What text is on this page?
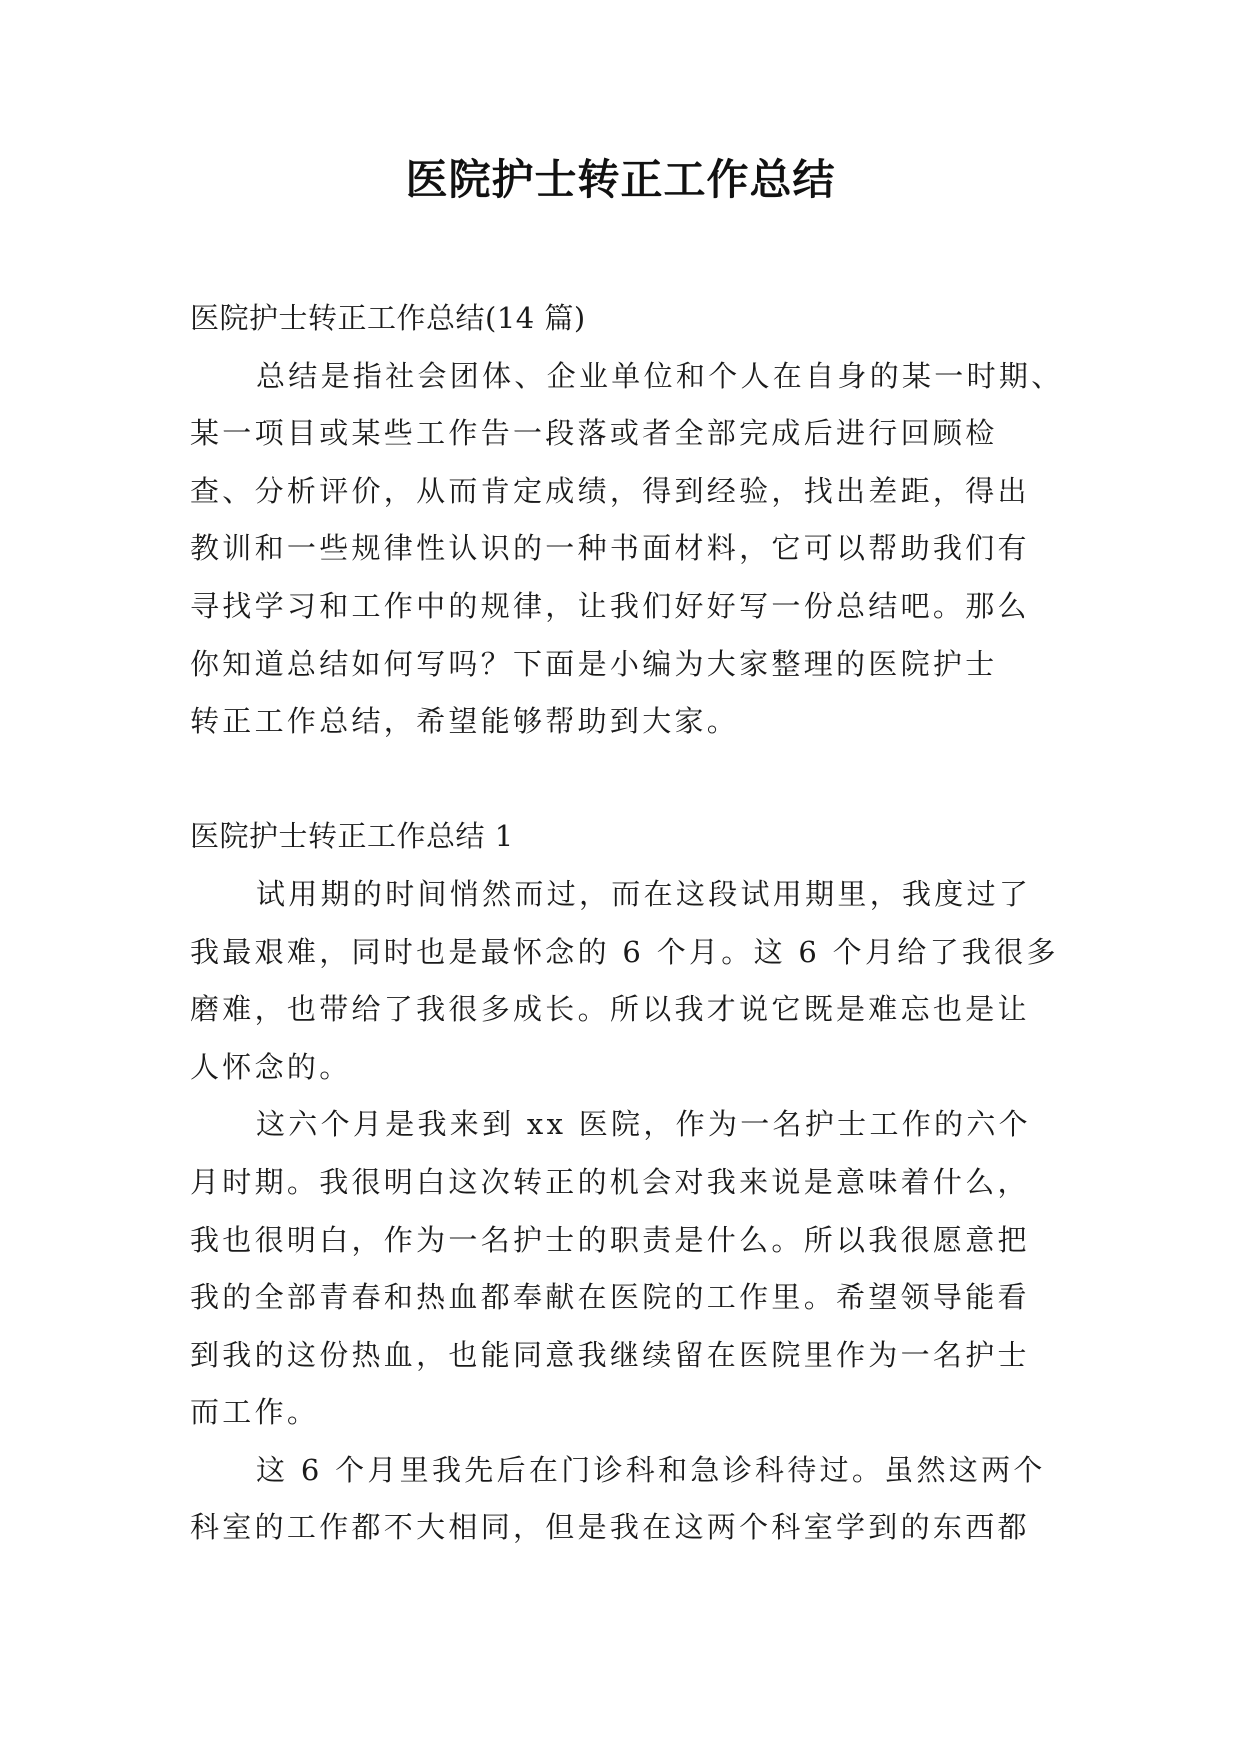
医院护士转正工作总结
医院护士转正工作总结(14 篇)
总结是指社会团体、企业单位和个人在自身的某一时期、
某一项目或某些工作告一段落或者全部完成后进行回顾检
查、分析评价，从而肯定成绩，得到经验，找出差距，得出
教训和一些规律性认识的一种书面材料，它可以帮助我们有
寻找学习和工作中的规律，让我们好好写一份总结吧。那么
你知道总结如何写吗？下面是小编为大家整理的医院护士
转正工作总结，希望能够帮助到大家。
医院护士转正工作总结 1
试用期的时间悄然而过，而在这段试用期里，我度过了
我最艰难，同时也是最怀念的 6 个月。这 6 个月给了我很多
磨难，也带给了我很多成长。所以我才说它既是难忘也是让
人怀念的。
这六个月是我来到 xx 医院，作为一名护士工作的六个
月时期。我很明白这次转正的机会对我来说是意味着什么，
我也很明白，作为一名护士的职责是什么。所以我很愿意把
我的全部青春和热血都奉献在医院的工作里。希望领导能看
到我的这份热血，也能同意我继续留在医院里作为一名护士
而工作。
这 6 个月里我先后在门诊科和急诊科待过。虽然这两个
科室的工作都不大相同，但是我在这两个科室学到的东西都
